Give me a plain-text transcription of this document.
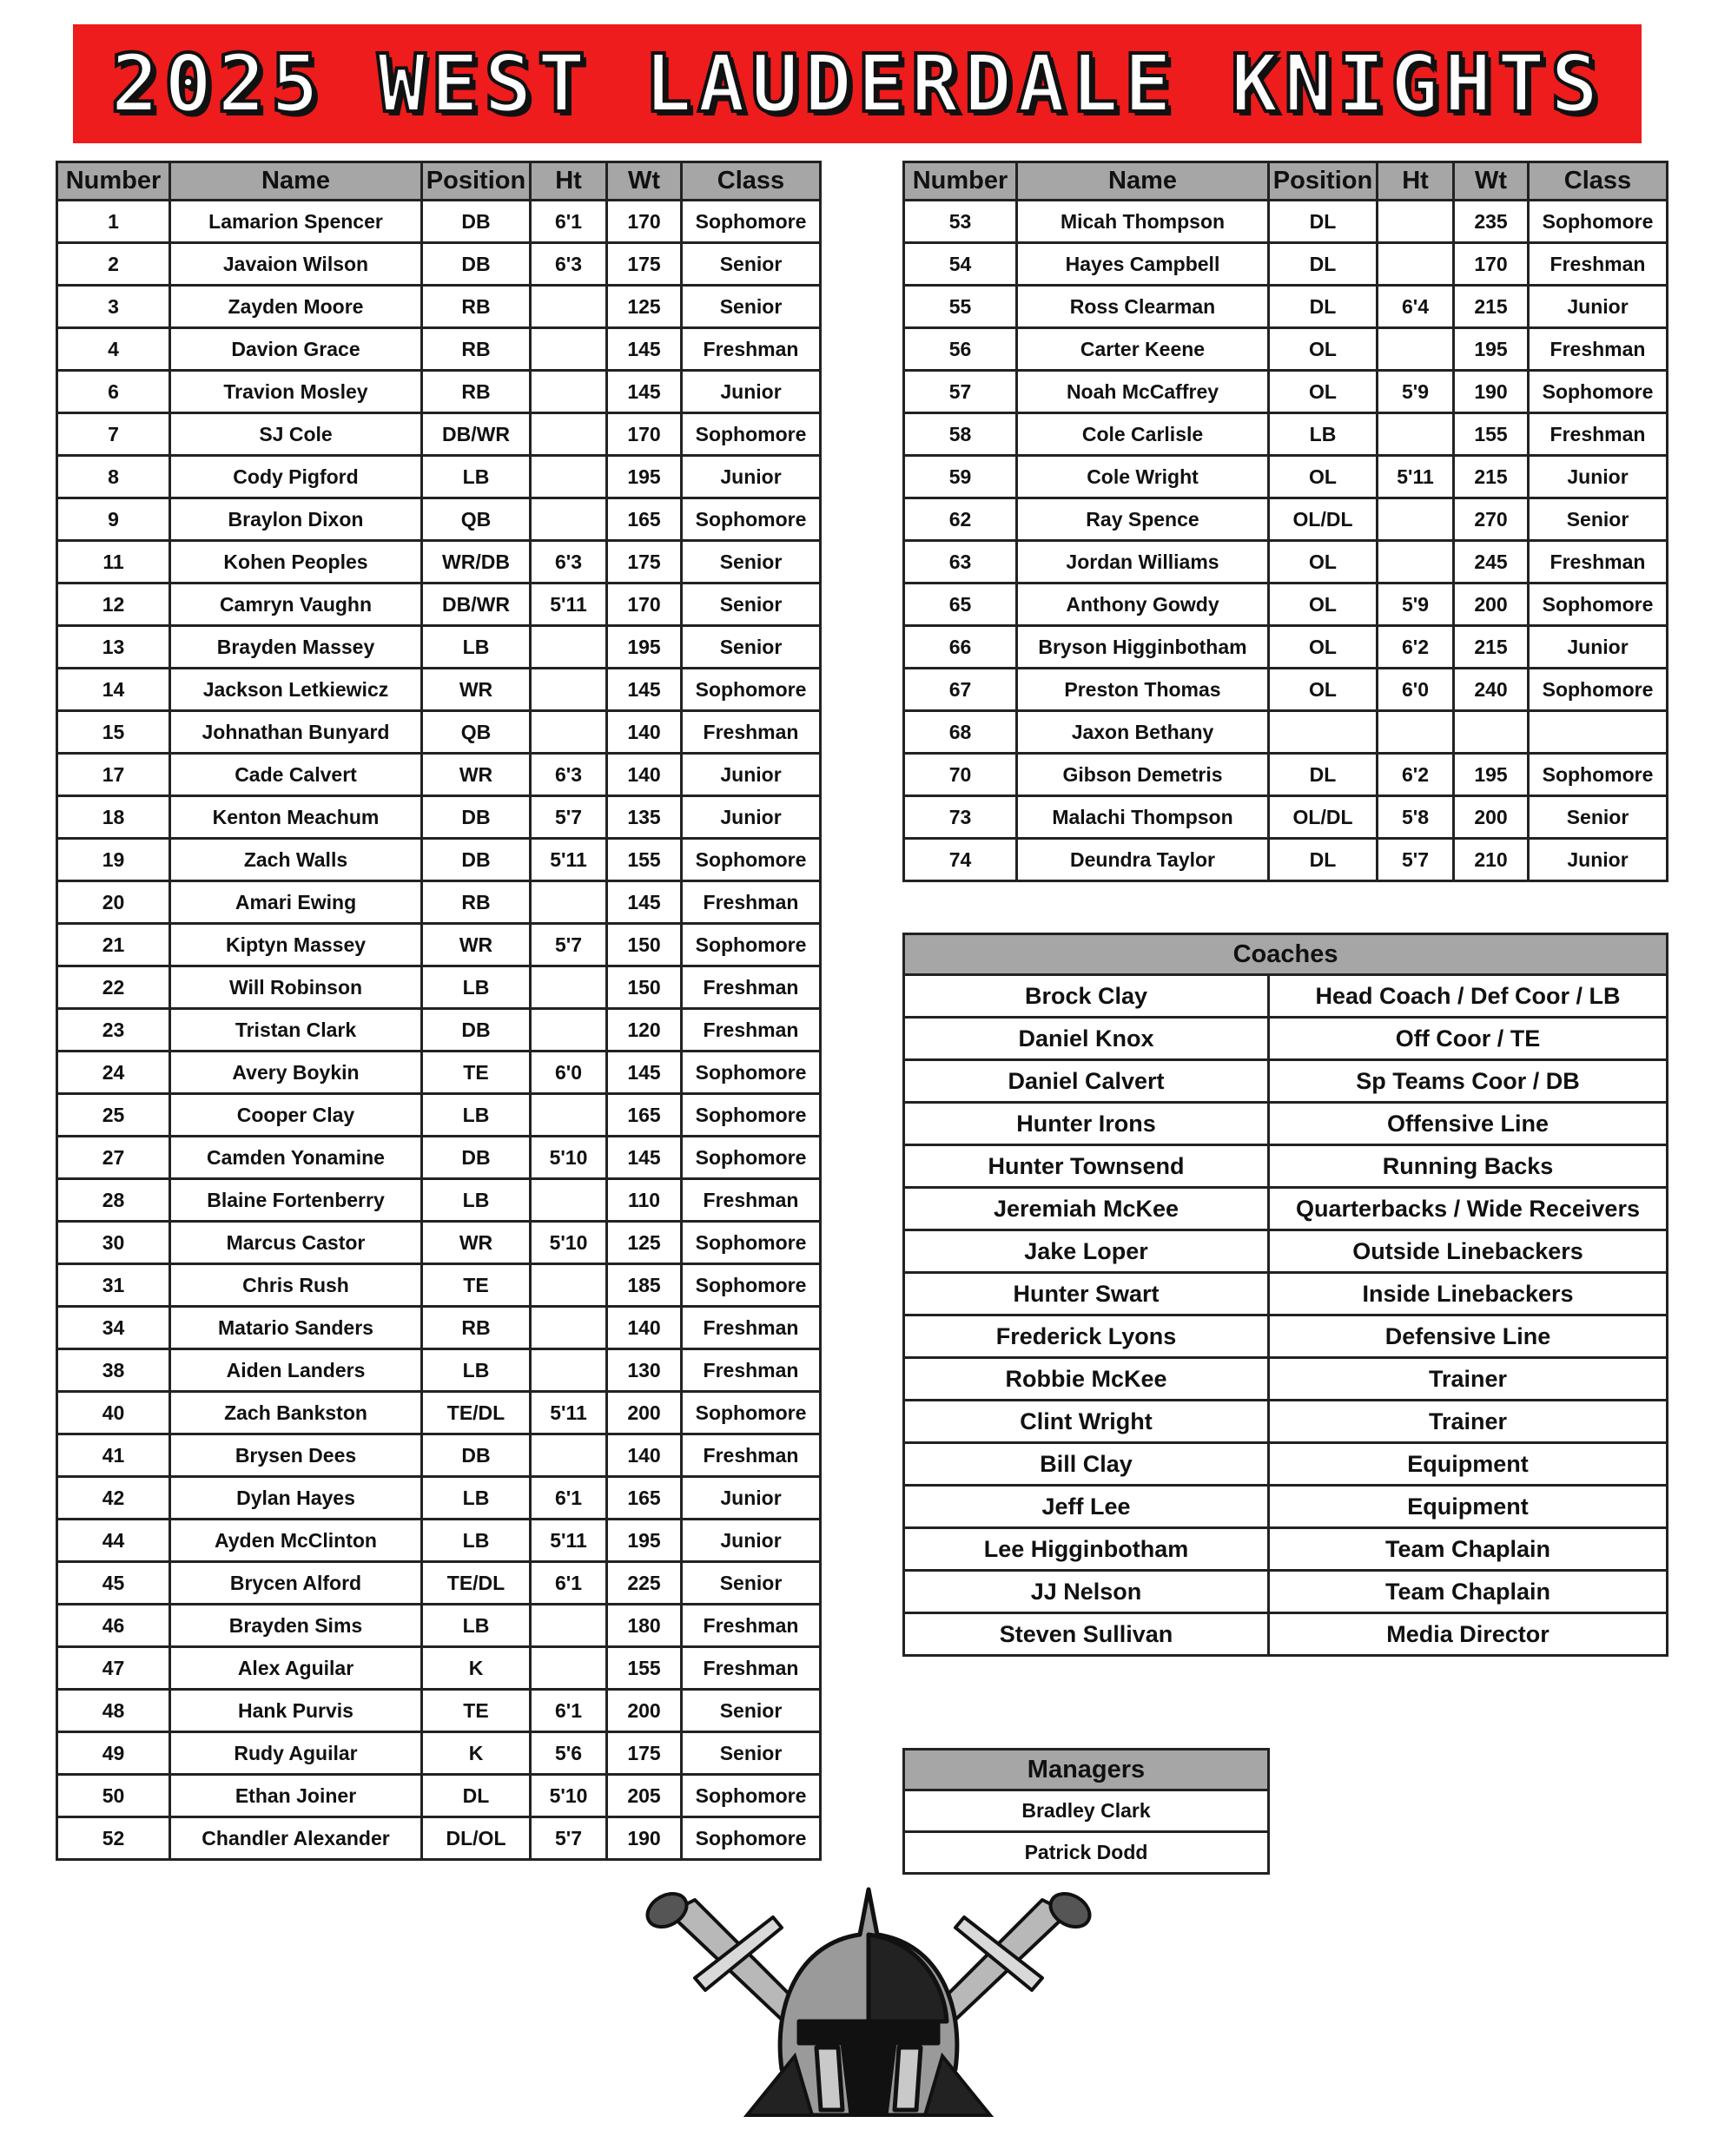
2025 WEST LAUDERDALE KNIGHTS
Number	Name	Position	Ht	Wt	Class
1	Lamarion Spencer	DB	6'1	170	Sophomore
2	Javaion Wilson	DB	6'3	175	Senior
3	Zayden Moore	RB		125	Senior
4	Davion Grace	RB		145	Freshman
6	Travion Mosley	RB		145	Junior
7	SJ Cole	DB/WR		170	Sophomore
8	Cody Pigford	LB		195	Junior
9	Braylon Dixon	QB		165	Sophomore
11	Kohen Peoples	WR/DB	6'3	175	Senior
12	Camryn Vaughn	DB/WR	5'11	170	Senior
13	Brayden Massey	LB		195	Senior
14	Jackson Letkiewicz	WR		145	Sophomore
15	Johnathan Bunyard	QB		140	Freshman
17	Cade Calvert	WR	6'3	140	Junior
18	Kenton Meachum	DB	5'7	135	Junior
19	Zach Walls	DB	5'11	155	Sophomore
20	Amari Ewing	RB		145	Freshman
21	Kiptyn Massey	WR	5'7	150	Sophomore
22	Will Robinson	LB		150	Freshman
23	Tristan Clark	DB		120	Freshman
24	Avery Boykin	TE	6'0	145	Sophomore
25	Cooper Clay	LB		165	Sophomore
27	Camden Yonamine	DB	5'10	145	Sophomore
28	Blaine Fortenberry	LB		110	Freshman
30	Marcus Castor	WR	5'10	125	Sophomore
31	Chris Rush	TE		185	Sophomore
34	Matario Sanders	RB		140	Freshman
38	Aiden Landers	LB		130	Freshman
40	Zach Bankston	TE/DL	5'11	200	Sophomore
41	Brysen Dees	DB		140	Freshman
42	Dylan Hayes	LB	6'1	165	Junior
44	Ayden McClinton	LB	5'11	195	Junior
45	Brycen Alford	TE/DL	6'1	225	Senior
46	Brayden Sims	LB		180	Freshman
47	Alex Aguilar	K		155	Freshman
48	Hank Purvis	TE	6'1	200	Senior
49	Rudy Aguilar	K	5'6	175	Senior
50	Ethan Joiner	DL	5'10	205	Sophomore
52	Chandler Alexander	DL/OL	5'7	190	Sophomore
Number	Name	Position	Ht	Wt	Class
53	Micah Thompson	DL		235	Sophomore
54	Hayes Campbell	DL		170	Freshman
55	Ross Clearman	DL	6'4	215	Junior
56	Carter Keene	OL		195	Freshman
57	Noah McCaffrey	OL	5'9	190	Sophomore
58	Cole Carlisle	LB		155	Freshman
59	Cole Wright	OL	5'11	215	Junior
62	Ray Spence	OL/DL		270	Senior
63	Jordan Williams	OL		245	Freshman
65	Anthony Gowdy	OL	5'9	200	Sophomore
66	Bryson Higginbotham	OL	6'2	215	Junior
67	Preston Thomas	OL	6'0	240	Sophomore
68	Jaxon Bethany				
70	Gibson Demetris	DL	6'2	195	Sophomore
73	Malachi Thompson	OL/DL	5'8	200	Senior
74	Deundra Taylor	DL	5'7	210	Junior
Coaches	
Brock Clay	Head Coach / Def Coor / LB
Daniel Knox	Off Coor / TE
Daniel Calvert	Sp Teams Coor / DB
Hunter Irons	Offensive Line
Hunter Townsend	Running Backs
Jeremiah McKee	Quarterbacks / Wide Receivers
Jake Loper	Outside Linebackers
Hunter Swart	Inside Linebackers
Frederick Lyons	Defensive Line
Robbie McKee	Trainer
Clint Wright	Trainer
Bill Clay	Equipment
Jeff Lee	Equipment
Lee Higginbotham	Team Chaplain
JJ Nelson	Team Chaplain
Steven Sullivan	Media Director
Managers
Bradley Clark
Patrick Dodd
